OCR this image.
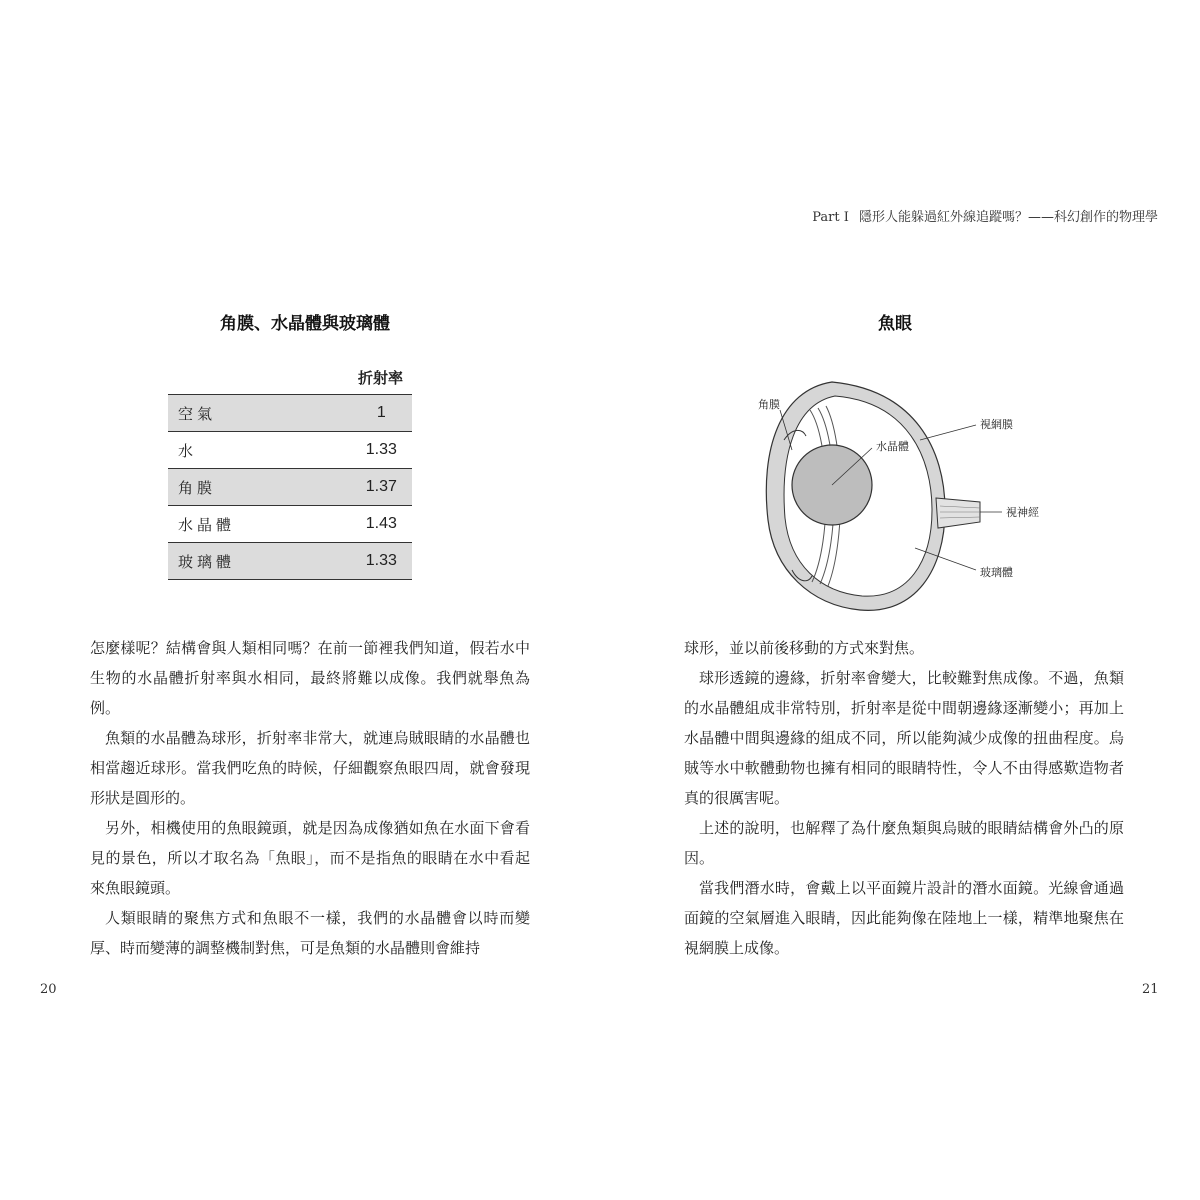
Part I 隱形人能躲過紅外線追蹤嗎？——科幻創作的物理學
角膜、水晶體與玻璃體
折射率
空氣	1
水	1.33
角膜	1.37
水晶體	1.43
玻璃體	1.33

怎麼樣呢？結構會與人類相同嗎？在前一節裡我們知道，假若水中生物的水晶體折射率與水相同，最終將難以成像。我們就舉魚為例。

魚類的水晶體為球形，折射率非常大，就連烏賊眼睛的水晶體也相當趨近球形。當我們吃魚的時候，仔細觀察魚眼四周，就會發現形狀是圓形的。

另外，相機使用的魚眼鏡頭，就是因為成像猶如魚在水面下會看見的景色，所以才取名為「魚眼」，而不是指魚的眼睛在水中看起來魚眼鏡頭。

人類眼睛的聚焦方式和魚眼不一樣，我們的水晶體會以時而變厚、時而變薄的調整機制對焦，可是魚類的水晶體則會維持

20
魚眼
角膜
水晶體
視網膜
視神經
玻璃體

球形，並以前後移動的方式來對焦。

球形透鏡的邊緣，折射率會變大，比較難對焦成像。不過，魚類的水晶體組成非常特別，折射率是從中間朝邊緣逐漸變小；再加上水晶體中間與邊緣的組成不同，所以能夠減少成像的扭曲程度。烏賊等水中軟體動物也擁有相同的眼睛特性，令人不由得感歎造物者真的很厲害呢。

上述的說明，也解釋了為什麼魚類與烏賊的眼睛結構會外凸的原因。

當我們潛水時，會戴上以平面鏡片設計的潛水面鏡。光線會通過面鏡的空氣層進入眼睛，因此能夠像在陸地上一樣，精準地聚焦在視網膜上成像。

21
